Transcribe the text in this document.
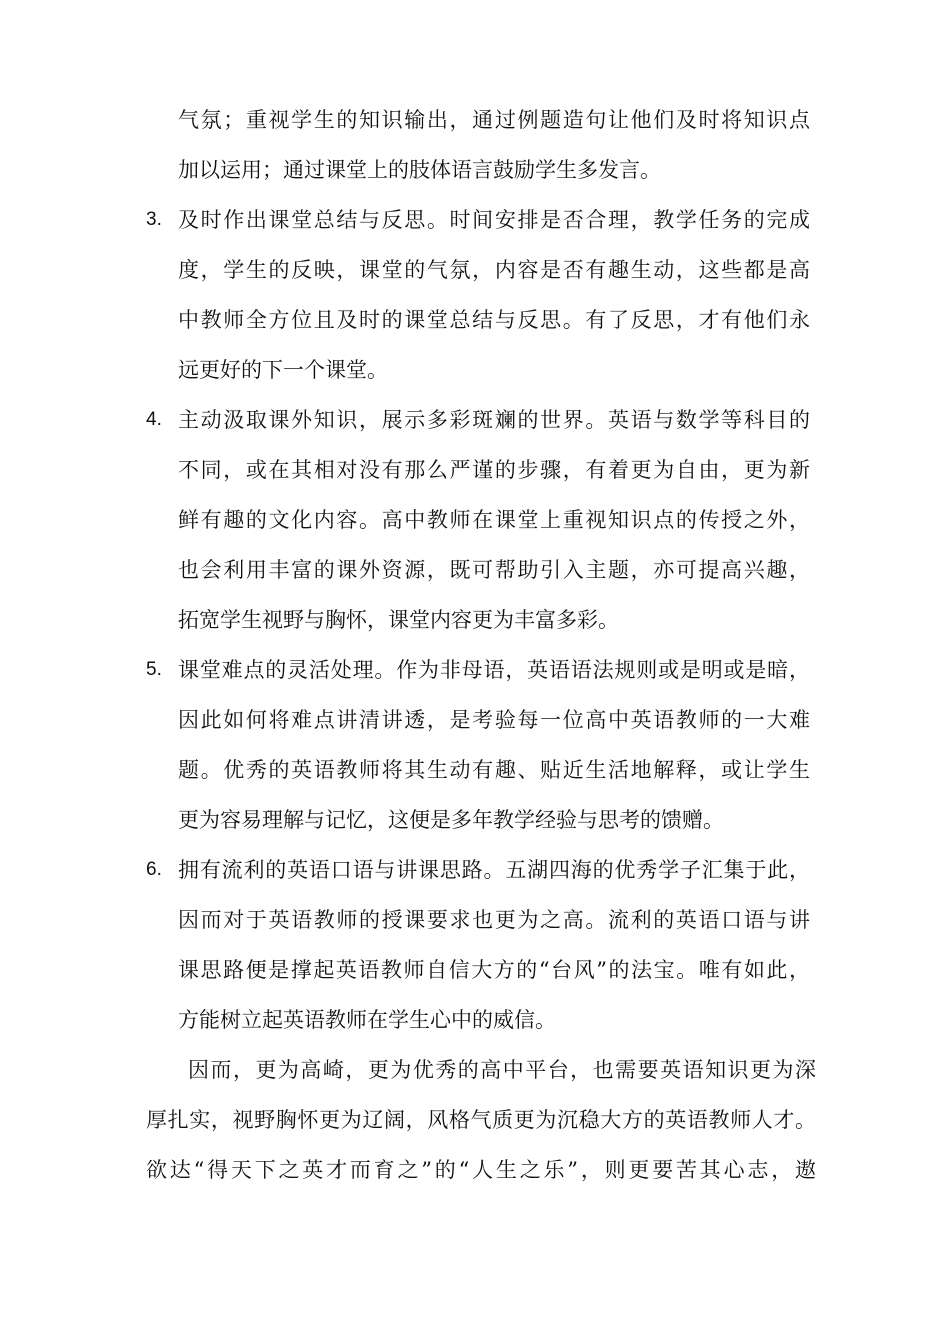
气氛；重视学生的知识输出，通过例题造句让他们及时将知识点
加以运用；通过课堂上的肢体语言鼓励学生多发言。
3. 及时作出课堂总结与反思。时间安排是否合理，教学任务的完成
度，学生的反映，课堂的气氛，内容是否有趣生动，这些都是高
中教师全方位且及时的课堂总结与反思。有了反思，才有他们永
远更好的下一个课堂。
4. 主动汲取课外知识，展示多彩斑斓的世界。英语与数学等科目的
不同，或在其相对没有那么严谨的步骤，有着更为自由，更为新
鲜有趣的文化内容。高中教师在课堂上重视知识点的传授之外，
也会利用丰富的课外资源，既可帮助引入主题，亦可提高兴趣，
拓宽学生视野与胸怀，课堂内容更为丰富多彩。
5. 课堂难点的灵活处理。作为非母语，英语语法规则或是明或是暗，
因此如何将难点讲清讲透，是考验每一位高中英语教师的一大难
题。优秀的英语教师将其生动有趣、贴近生活地解释，或让学生
更为容易理解与记忆，这便是多年教学经验与思考的馈赠。
6. 拥有流利的英语口语与讲课思路。五湖四海的优秀学子汇集于此，
因而对于英语教师的授课要求也更为之高。流利的英语口语与讲
课思路便是撑起英语教师自信大方的“台风”的法宝。唯有如此，
方能树立起英语教师在学生心中的威信。
因而，更为高崎，更为优秀的高中平台，也需要英语知识更为深
厚扎实，视野胸怀更为辽阔，风格气质更为沉稳大方的英语教师人才。
欲达“得天下之英才而育之”的“人生之乐”，则更要苦其心志，遨
